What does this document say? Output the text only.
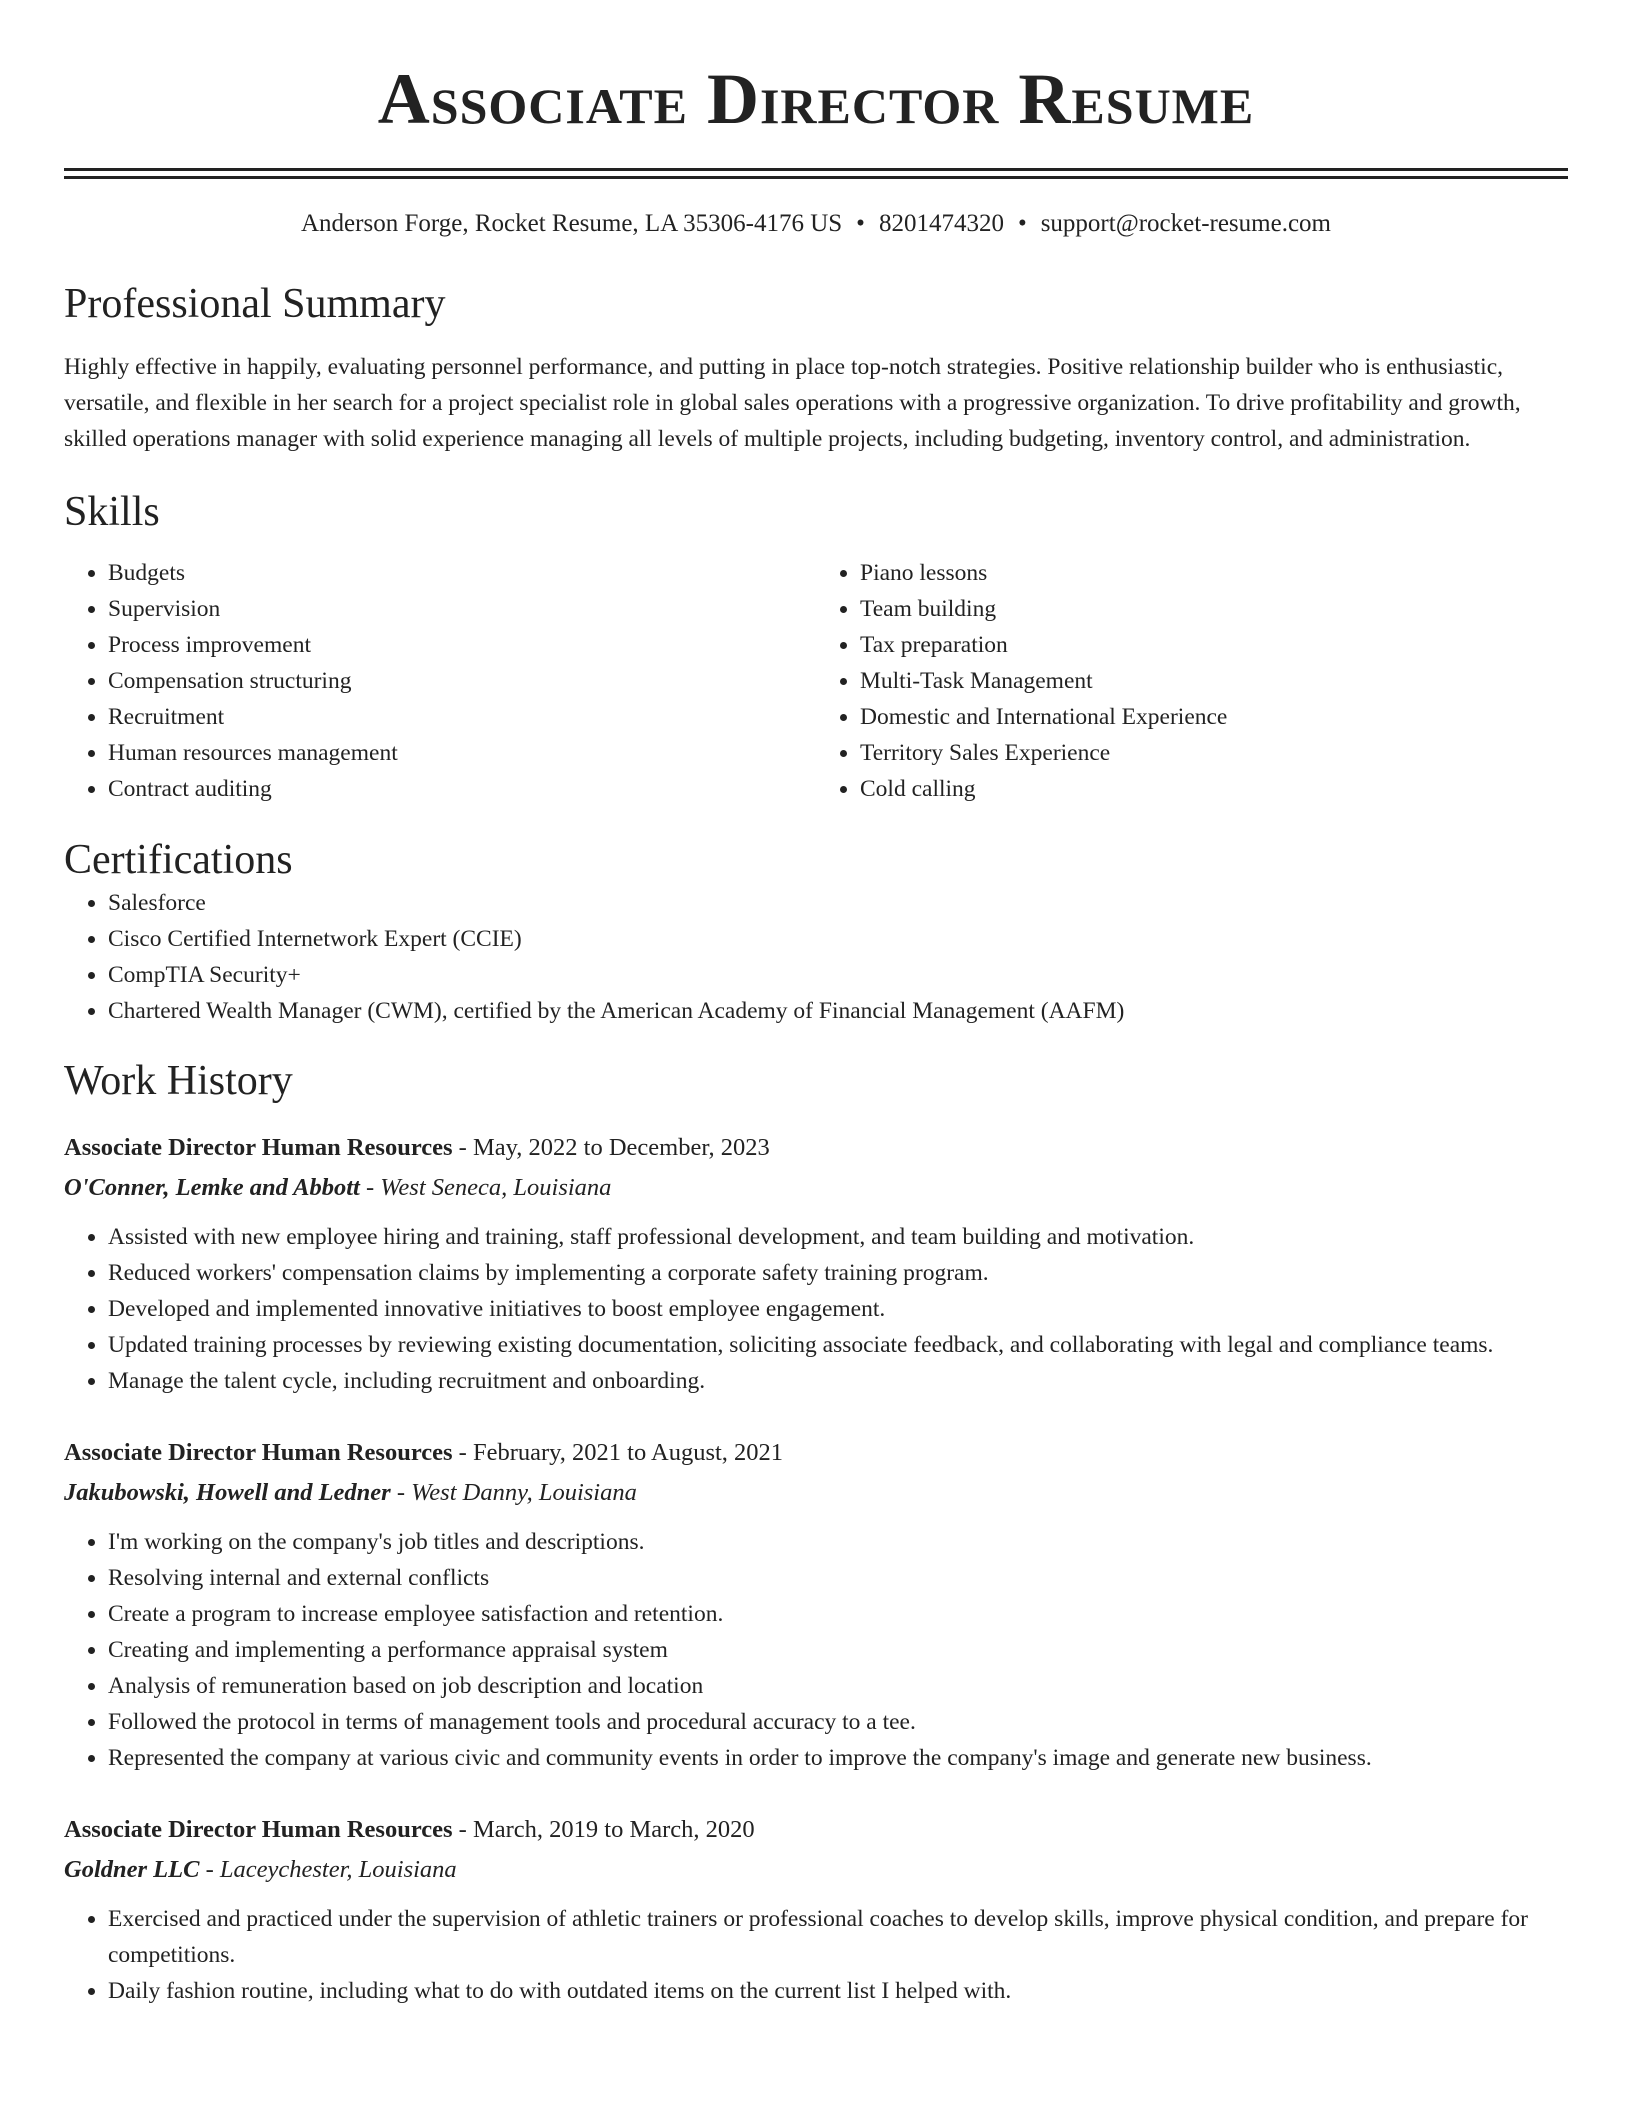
Associate Director Resume
Anderson Forge, Rocket Resume, LA 35306-4176 US • 8201474320 • support@rocket-resume.com
Professional Summary
Highly effective in happily, evaluating personnel performance, and putting in place top-notch strategies. Positive relationship builder who is enthusiastic, versatile, and flexible in her search for a project specialist role in global sales operations with a progressive organization. To drive profitability and growth, skilled operations manager with solid experience managing all levels of multiple projects, including budgeting, inventory control, and administration.
Skills
• Budgets
• Supervision
• Process improvement
• Compensation structuring
• Recruitment
• Human resources management
• Contract auditing
• Piano lessons
• Team building
• Tax preparation
• Multi-Task Management
• Domestic and International Experience
• Territory Sales Experience
• Cold calling
Certifications
• Salesforce
• Cisco Certified Internetwork Expert (CCIE)
• CompTIA Security+
• Chartered Wealth Manager (CWM), certified by the American Academy of Financial Management (AAFM)
Work History
Associate Director Human Resources - May, 2022 to December, 2023
O'Conner, Lemke and Abbott - West Seneca, Louisiana
• Assisted with new employee hiring and training, staff professional development, and team building and motivation.
• Reduced workers' compensation claims by implementing a corporate safety training program.
• Developed and implemented innovative initiatives to boost employee engagement.
• Updated training processes by reviewing existing documentation, soliciting associate feedback, and collaborating with legal and compliance teams.
• Manage the talent cycle, including recruitment and onboarding.
Associate Director Human Resources - February, 2021 to August, 2021
Jakubowski, Howell and Ledner - West Danny, Louisiana
• I'm working on the company's job titles and descriptions.
• Resolving internal and external conflicts
• Create a program to increase employee satisfaction and retention.
• Creating and implementing a performance appraisal system
• Analysis of remuneration based on job description and location
• Followed the protocol in terms of management tools and procedural accuracy to a tee.
• Represented the company at various civic and community events in order to improve the company's image and generate new business.
Associate Director Human Resources - March, 2019 to March, 2020
Goldner LLC - Laceychester, Louisiana
• Exercised and practiced under the supervision of athletic trainers or professional coaches to develop skills, improve physical condition, and prepare for competitions.
• Daily fashion routine, including what to do with outdated items on the current list I helped with.
